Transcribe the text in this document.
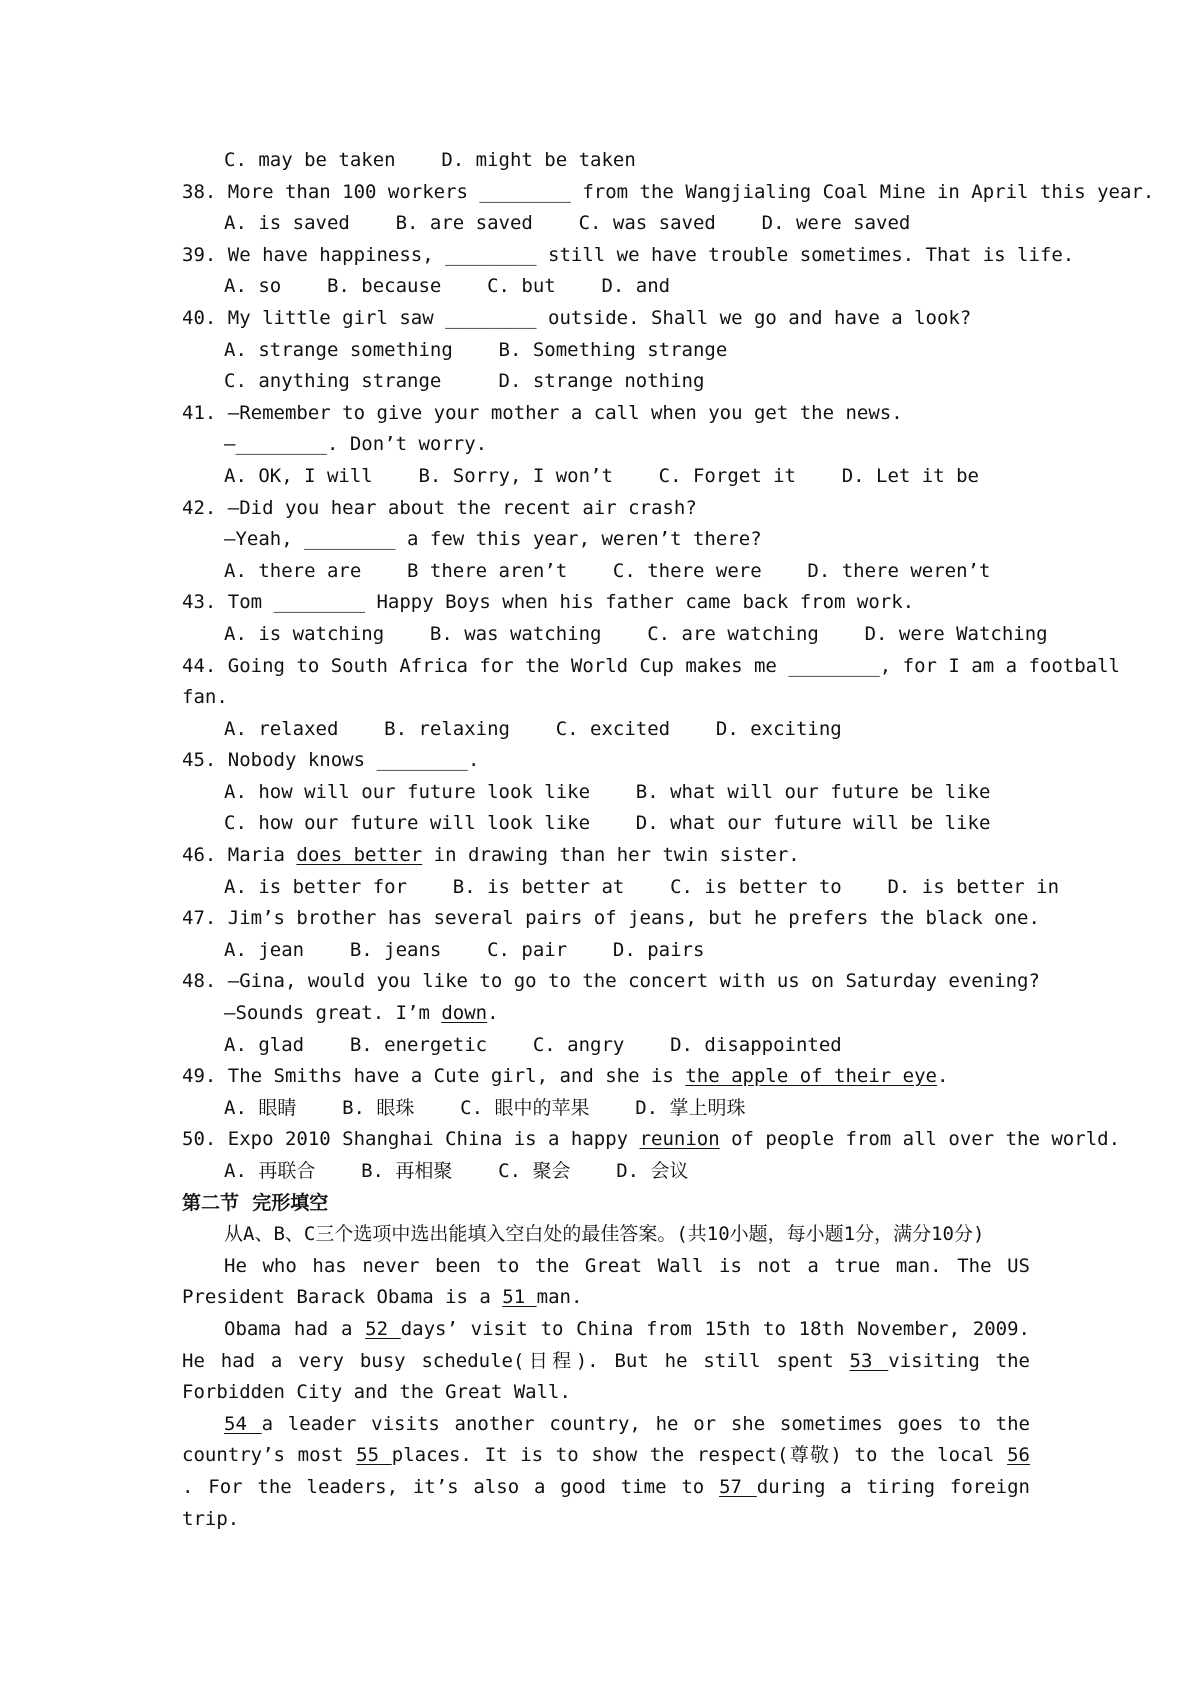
C. may be taken    D. might be taken
38. More than 100 workers ________ from the Wangjialing Coal Mine in April this year.
A. is saved    B. are saved    C. was saved    D. were saved
39. We have happiness, ________ still we have trouble sometimes. That is life.
A. so    B. because    C. but    D. and
40. My little girl saw ________ outside. Shall we go and have a look?
A. strange something    B. Something strange
C. anything strange     D. strange nothing
41. —Remember to give your mother a call when you get the news.
—________. Don’t worry.
A. OK, I will    B. Sorry, I won’t    C. Forget it    D. Let it be
42. —Did you hear about the recent air crash?
—Yeah, ________ a few this year, weren’t there?
A. there are    B there aren’t    C. there were    D. there weren’t
43. Tom ________ Happy Boys when his father came back from work.
A. is watching    B. was watching    C. are watching    D. were Watching
44. Going to South Africa for the World Cup makes me ________, for I am a football
fan.
A. relaxed    B. relaxing    C. excited    D. exciting
45. Nobody knows ________.
A. how will our future look like    B. what will our future be like
C. how our future will look like    D. what our future will be like
46. Maria does better in drawing than her twin sister.
A. is better for    B. is better at    C. is better to    D. is better in
47. Jim’s brother has several pairs of jeans, but he prefers the black one.
A. jean    B. jeans    C. pair    D. pairs
48. —Gina, would you like to go to the concert with us on Saturday evening?
—Sounds great. I’m down.
A. glad    B. energetic    C. angry    D. disappointed
49. The Smiths have a Cute girl, and she is the apple of their eye.
A. 眼睛    B. 眼珠    C. 眼中的苹果    D. 掌上明珠
50. Expo 2010 Shanghai China is a happy reunion of people from all over the world.
A. 再联合    B. 再相聚    C. 聚会    D. 会议
第二节  完形填空
从A、B、C三个选项中选出能填入空白处的最佳答案。(共10小题，每小题1分，满分10分)
He who has never been to the Great Wall is not a true man. The US President Barack Obama is a 51 man.
Obama had a 52 days’ visit to China from 15th to 18th November, 2009. He had a very busy schedule(日程). But he still spent 53 visiting the Forbidden City and the Great Wall.
54 a leader visits another country, he or she sometimes goes to the country’s most 55 places. It is to show the respect(尊敬) to the local 56 . For the leaders, it’s also a good time to 57 during a tiring foreign trip.
